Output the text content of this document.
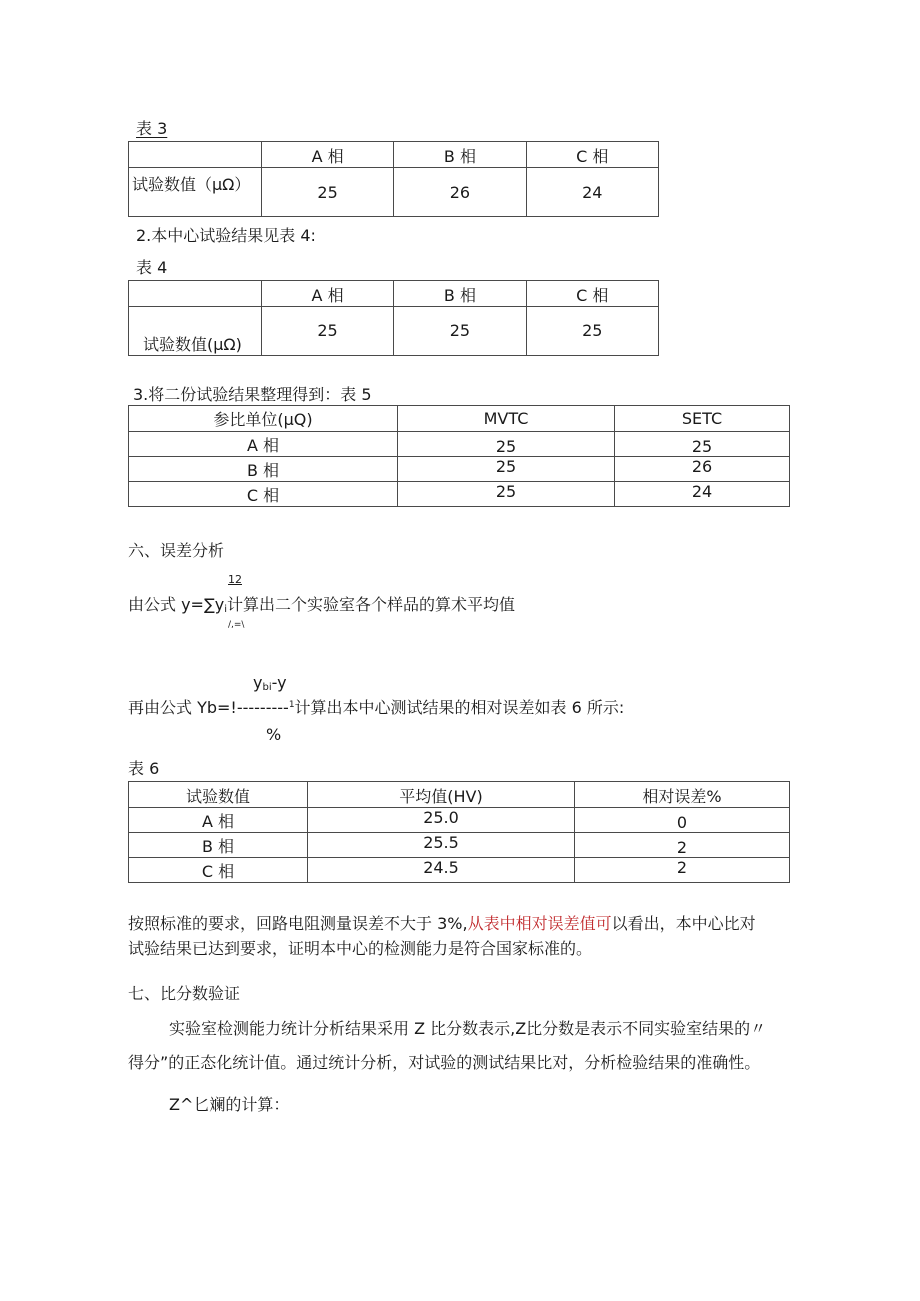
表 3
	A 相	B 相	C 相
试验数值（μΩ）	25	26	24
2.本中心试验结果见表 4:
表 4
	A 相	B 相	C 相
试验数值(μΩ)	25	25	25
3.将二份试验结果整理得到：表 5
参比单位(μQ)	MVTC	SETC
A 相	25	25
B 相	25	26
C 相	25	24
六、误差分析
12
由公式 $y=\sum y_i$计算出二个实验室各个样品的算术平均值
/,=\
$y_{bi}-y$
再由公式 Yb=!---------$^1$计算出本中心测试结果的相对误差如表 6 所示:
%
表 6
试验数值	平均值(HV)	相对误差%
A 相	25.0	0
B 相	25.5	2
C 相	24.5	2
按照标准的要求，回路电阻测量误差不大于 3%,从表中相对误差值可以看出，本中心比对
试验结果已达到要求，证明本中心的检测能力是符合国家标准的。
七、比分数验证
实验室检测能力统计分析结果采用 Z 比分数表示,Z比分数是表示不同实验室结果的〃
得分”的正态化统计值。通过统计分析，对试验的测试结果比对，分析检验结果的准确性。
Z^匕斓的计算：
